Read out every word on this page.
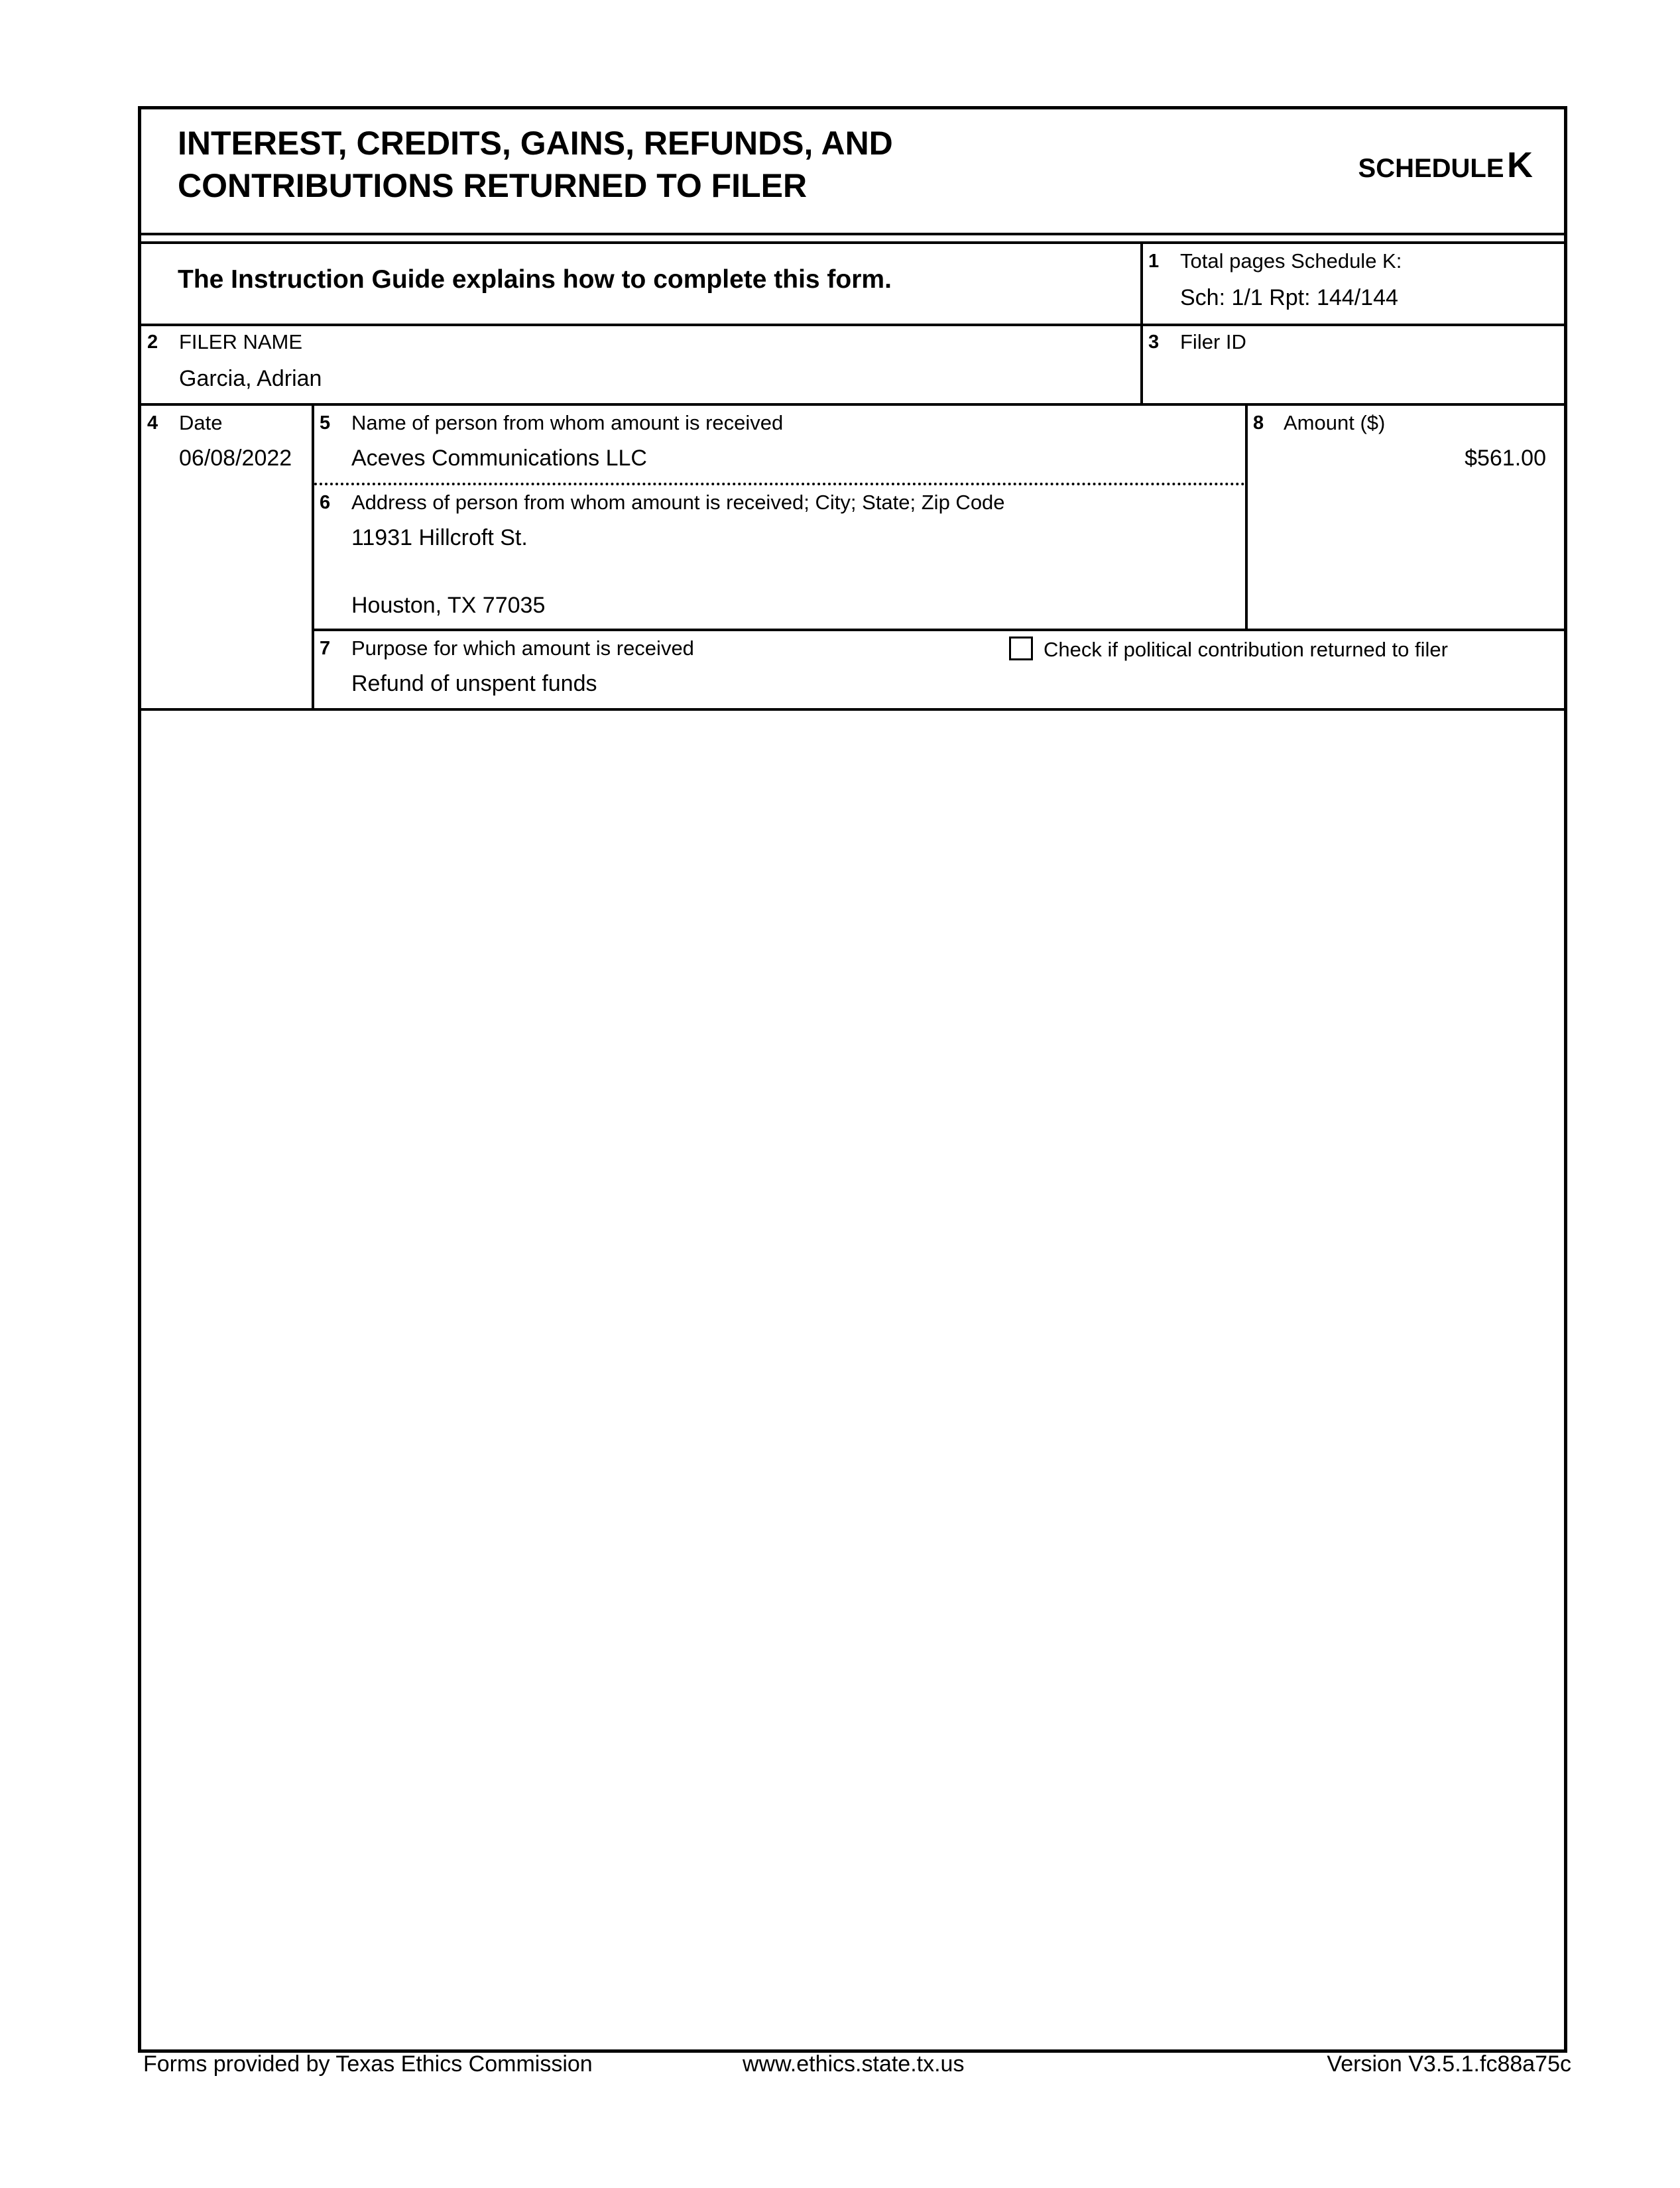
INTEREST, CREDITS, GAINS, REFUNDS, AND
CONTRIBUTIONS RETURNED TO FILER	SCHEDULE K
The Instruction Guide explains how to complete this form.
1 Total pages Schedule K:
Sch: 1/1 Rpt: 144/144
2 FILER NAME
Garcia, Adrian
3 Filer ID
4 Date
06/08/2022
5 Name of person from whom amount is received
Aceves Communications LLC
6 Address of person from whom amount is received; City; State; Zip Code
11931 Hillcroft St.
Houston, TX 77035
8 Amount ($)
$561.00
7 Purpose for which amount is received
Refund of unspent funds
Check if political contribution returned to filer
Forms provided by Texas Ethics Commission	www.ethics.state.tx.us	Version V3.5.1.fc88a75c
